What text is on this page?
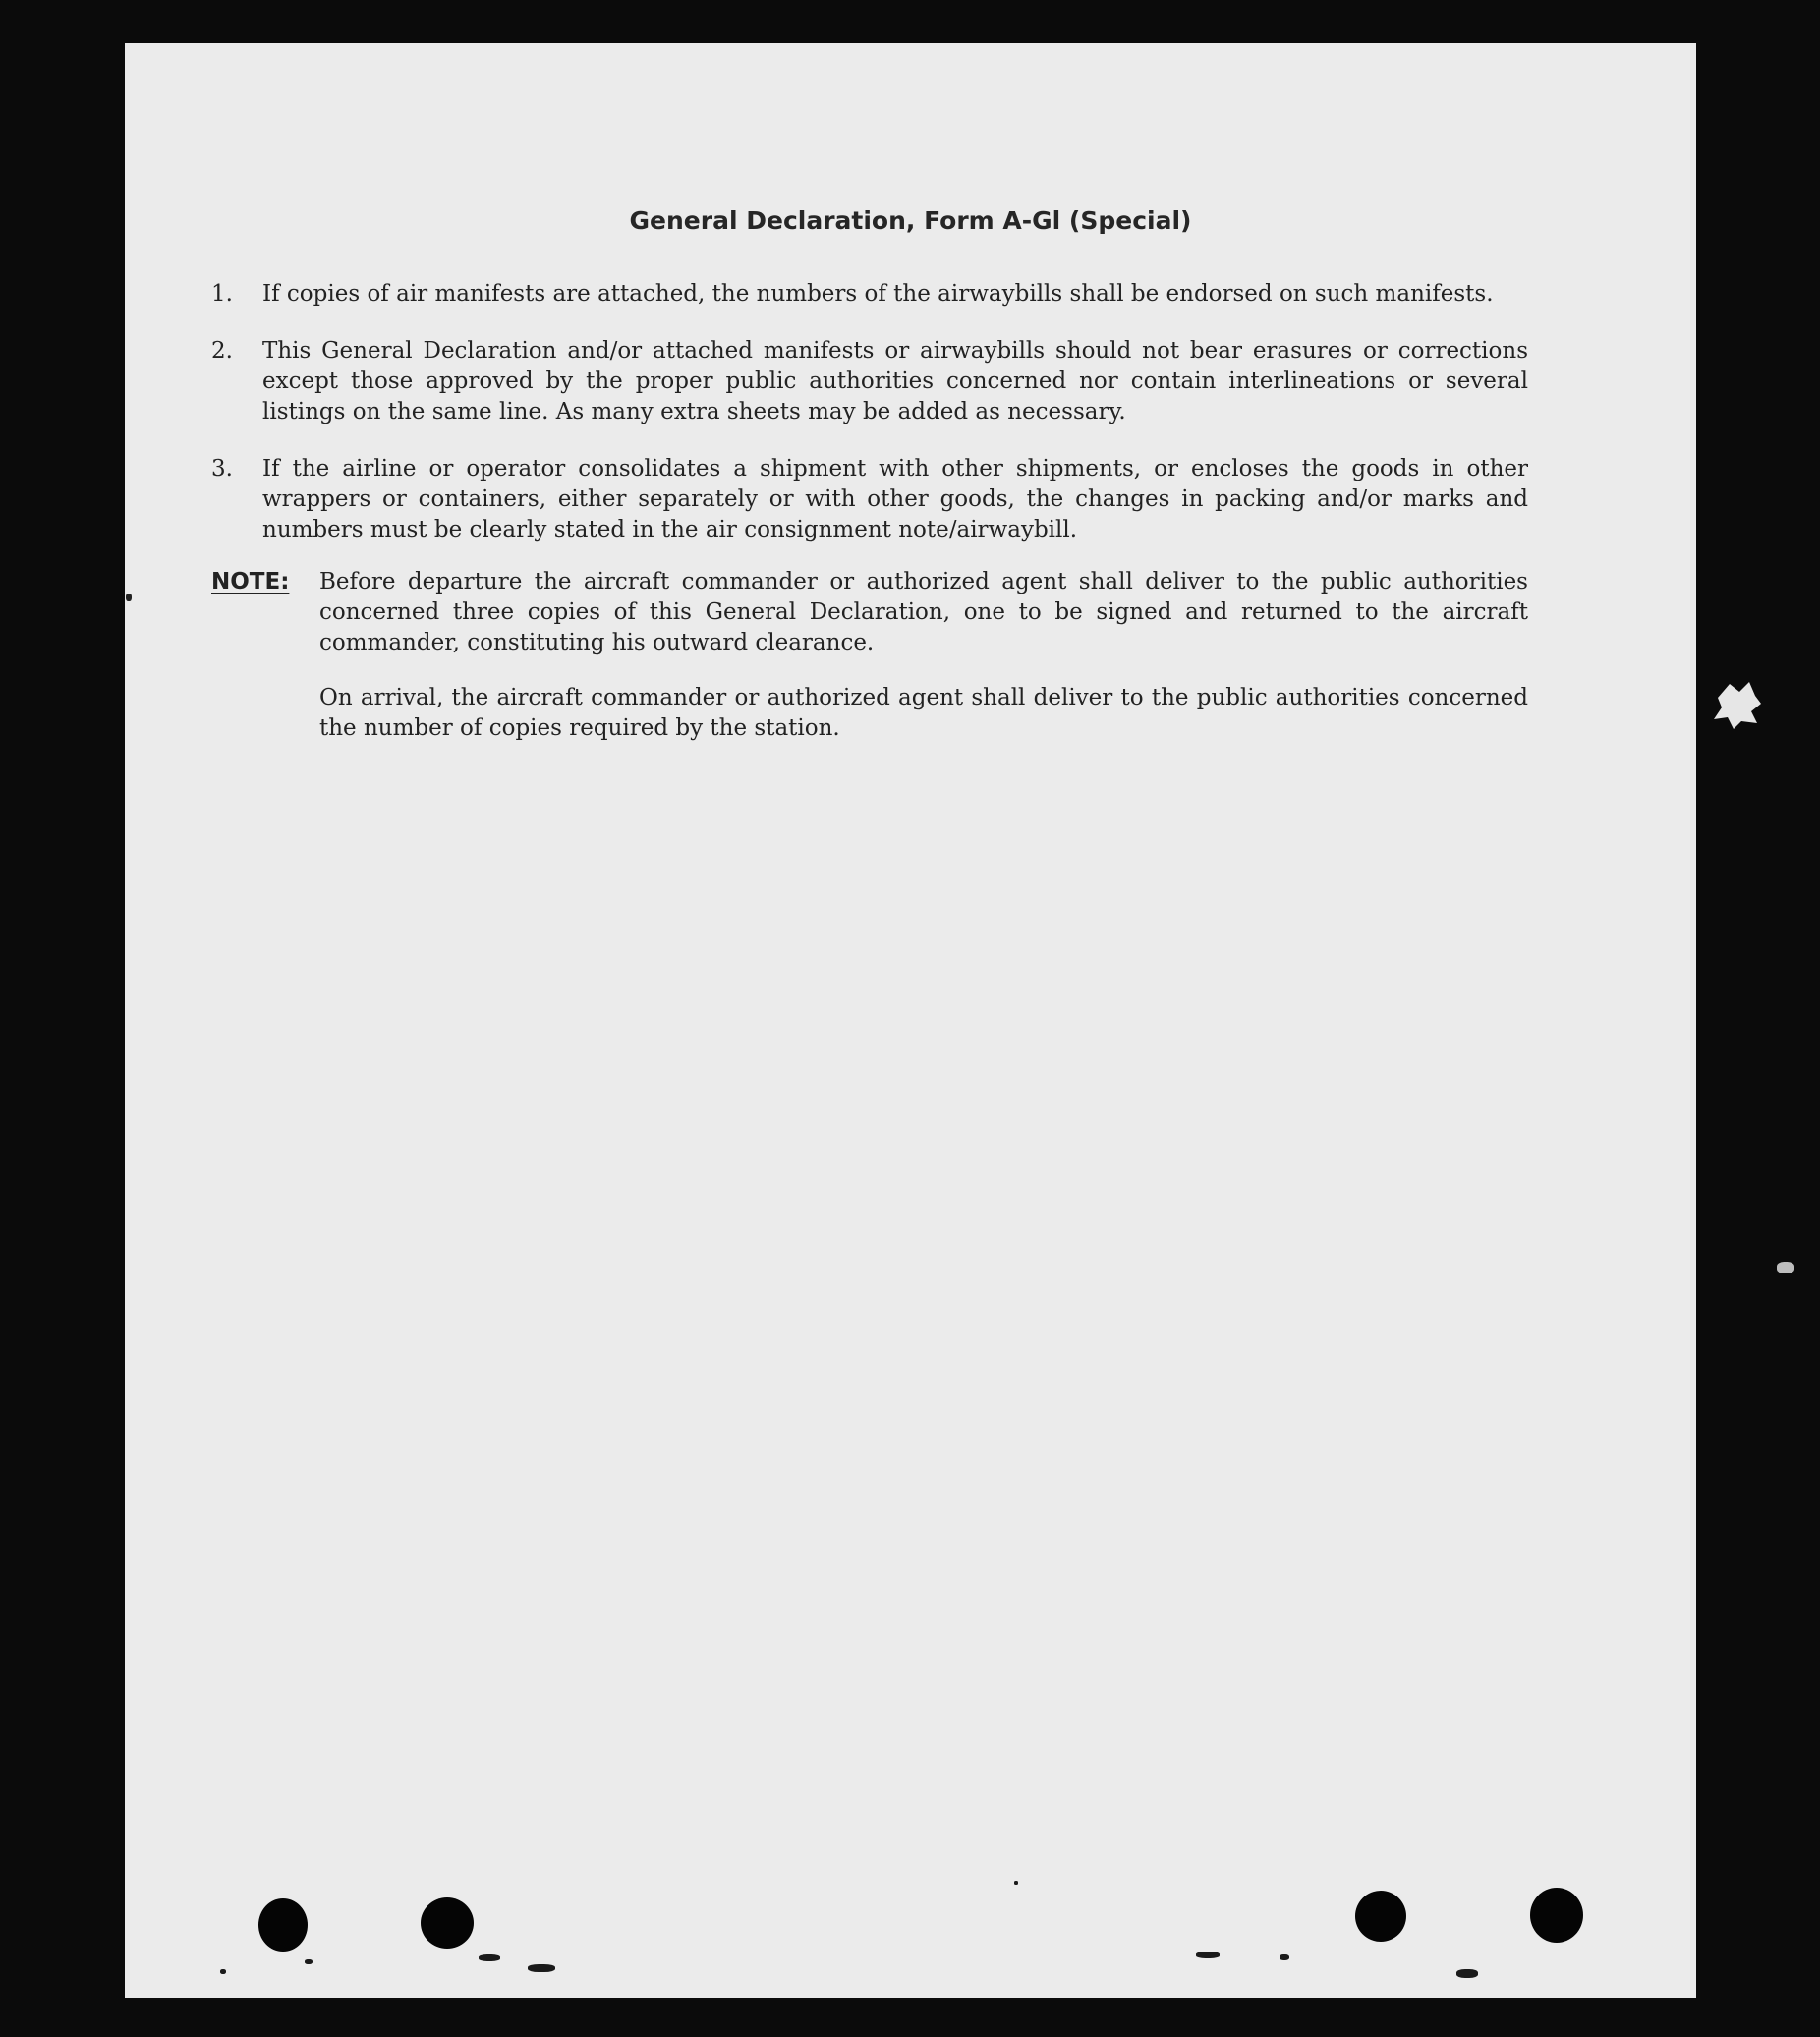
General Declaration, Form A-Gl (Special)
1.	If copies of air manifests are attached, the numbers of the airwaybills shall be endorsed on such manifests.

2.	This General Declaration and/or attached manifests or airwaybills should not bear erasures or corrections except those approved by the proper public authorities concerned nor contain interlineations or several listings on the same line. As many extra sheets may be added as necessary.

3.	If the airline or operator consolidates a shipment with other shipments, or encloses the goods in other wrappers or containers, either separately or with other goods, the changes in packing and/or marks and numbers must be clearly stated in the air consignment note/airwaybill.

NOTE: Before departure the aircraft commander or authorized agent shall deliver to the public authorities concerned three copies of this General Declaration, one to be signed and returned to the aircraft commander, constituting his outward clearance.

On arrival, the aircraft commander or authorized agent shall deliver to the public authorities concerned the number of copies required by the station.
